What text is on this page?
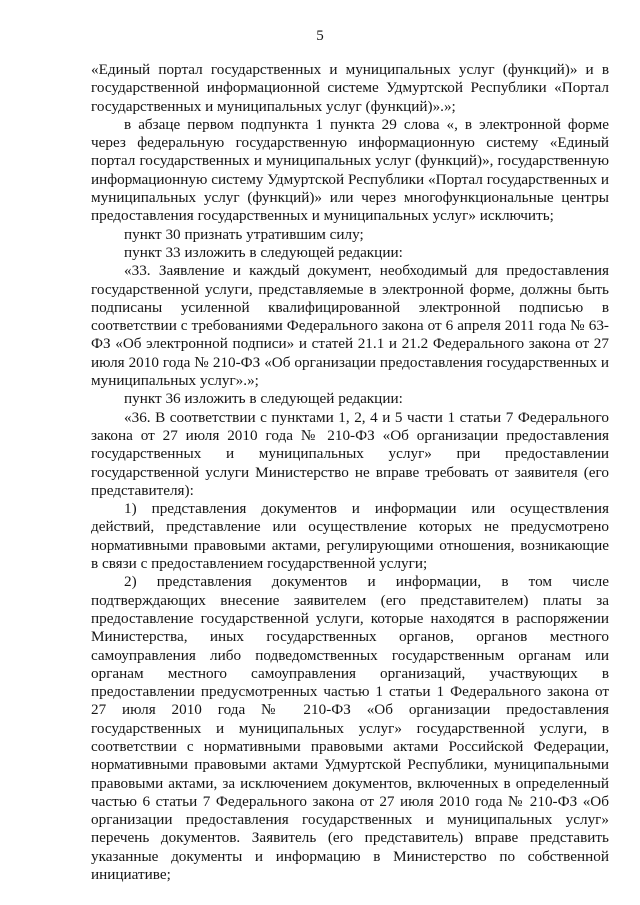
5

«Единый портал государственных и муниципальных услуг (функций)» и в государственной информационной системе Удмуртской Республики «Портал государственных и муниципальных услуг (функций)».»;

в абзаце первом подпункта 1 пункта 29 слова «, в электронной форме через федеральную государственную информационную систему «Единый портал государственных и муниципальных услуг (функций)», государственную информационную систему Удмуртской Республики «Портал государственных и муниципальных услуг (функций)» или через многофункциональные центры предоставления государственных и муниципальных услуг» исключить;

пункт 30 признать утратившим силу;

пункт 33 изложить в следующей редакции:

«33. Заявление и каждый документ, необходимый для предоставления государственной услуги, представляемые в электронной форме, должны быть подписаны усиленной квалифицированной электронной подписью в соответствии с требованиями Федерального закона от 6 апреля 2011 года № 63-ФЗ «Об электронной подписи» и статей 21.1 и 21.2 Федерального закона от 27 июля 2010 года № 210-ФЗ «Об организации предоставления государственных и муниципальных услуг».»;

пункт 36 изложить в следующей редакции:

«36. В соответствии с пунктами 1, 2, 4 и 5 части 1 статьи 7 Федерального закона от 27 июля 2010 года № 210-ФЗ «Об организации предоставления государственных и муниципальных услуг» при предоставлении государственной услуги Министерство не вправе требовать от заявителя (его представителя):

1) представления документов и информации или осуществления действий, представление или осуществление которых не предусмотрено нормативными правовыми актами, регулирующими отношения, возникающие в связи с предоставлением государственной услуги;

2) представления документов и информации, в том числе подтверждающих внесение заявителем (его представителем) платы за предоставление государственной услуги, которые находятся в распоряжении Министерства, иных государственных органов, органов местного самоуправления либо подведомственных государственным органам или органам местного самоуправления организаций, участвующих в предоставлении предусмотренных частью 1 статьи 1 Федерального закона от 27 июля 2010 года № 210-ФЗ «Об организации предоставления государственных и муниципальных услуг» государственной услуги, в соответствии с нормативными правовыми актами Российской Федерации, нормативными правовыми актами Удмуртской Республики, муниципальными правовыми актами, за исключением документов, включенных в определенный частью 6 статьи 7 Федерального закона от 27 июля 2010 года № 210-ФЗ «Об организации предоставления государственных и муниципальных услуг» перечень документов. Заявитель (его представитель) вправе представить указанные документы и информацию в Министерство по собственной инициативе;
